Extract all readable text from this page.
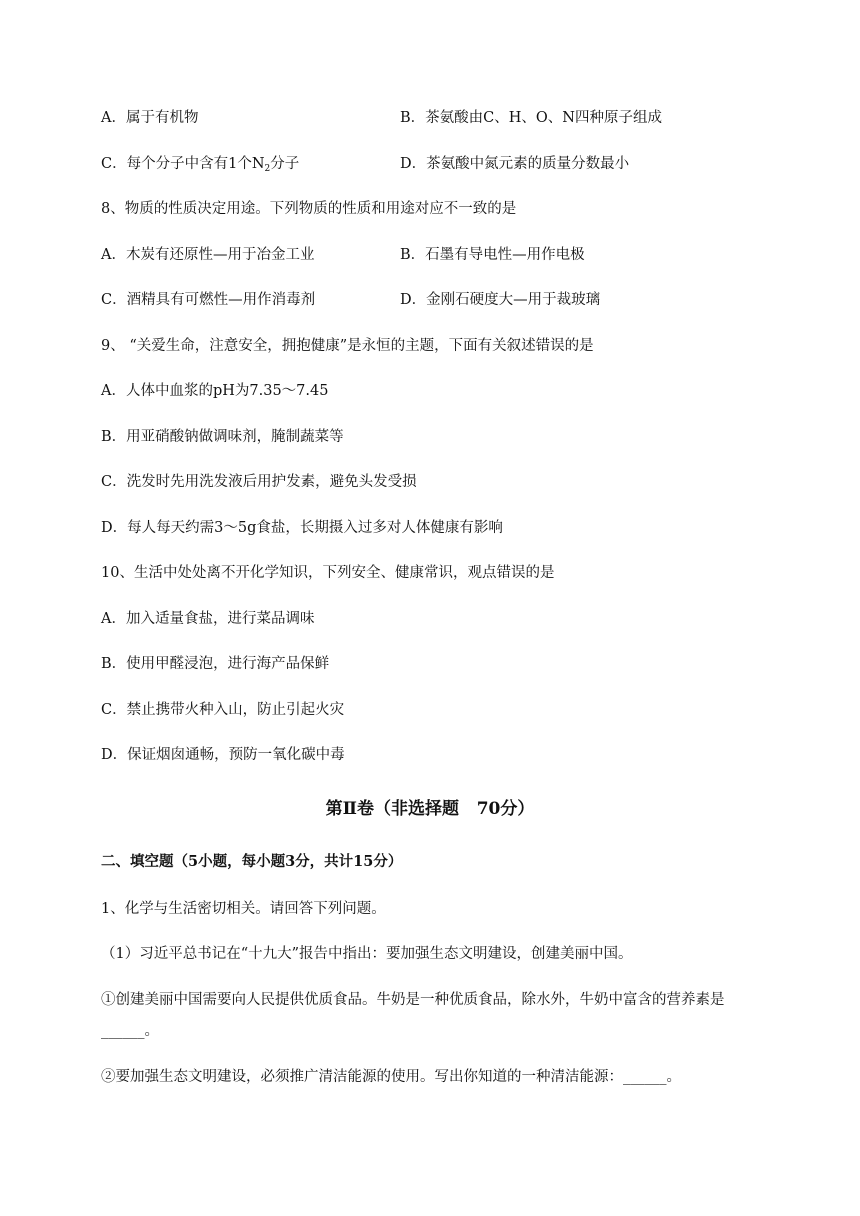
A．属于有机物	B．茶氨酸由C、H、O、N四种原子组成
C．每个分子中含有1个$N_2$分子	D．茶氨酸中氮元素的质量分数最小
8、物质的性质决定用途。下列物质的性质和用途对应不一致的是
A．木炭有还原性—用于冶金工业	B．石墨有导电性—用作电极
C．酒精具有可燃性—用作消毒剂	D．金刚石硬度大—用于裁玻璃
9、 “关爱生命，注意安全，拥抱健康”是永恒的主题，下面有关叙述错误的是
A．人体中血浆的pH为7.35～7.45
B．用亚硝酸钠做调味剂，腌制蔬菜等
C．洗发时先用洗发液后用护发素，避免头发受损
D．每人每天约需3～5g食盐，长期摄入过多对人体健康有影响
10、生活中处处离不开化学知识，下列安全、健康常识，观点错误的是
A．加入适量食盐，进行菜品调味
B．使用甲醛浸泡，进行海产品保鲜
C．禁止携带火种入山，防止引起火灾
D．保证烟囱通畅，预防一氧化碳中毒
第Ⅱ卷（非选择题   70分）
二、填空题（5小题，每小题3分，共计15分）
1、化学与生活密切相关。请回答下列问题。
（1）习近平总书记在“十九大”报告中指出：要加强生态文明建设，创建美丽中国。
①创建美丽中国需要向人民提供优质食品。牛奶是一种优质食品，除水外，牛奶中富含的营养素是
______。
②要加强生态文明建设，必须推广清洁能源的使用。写出你知道的一种清洁能源：______。
